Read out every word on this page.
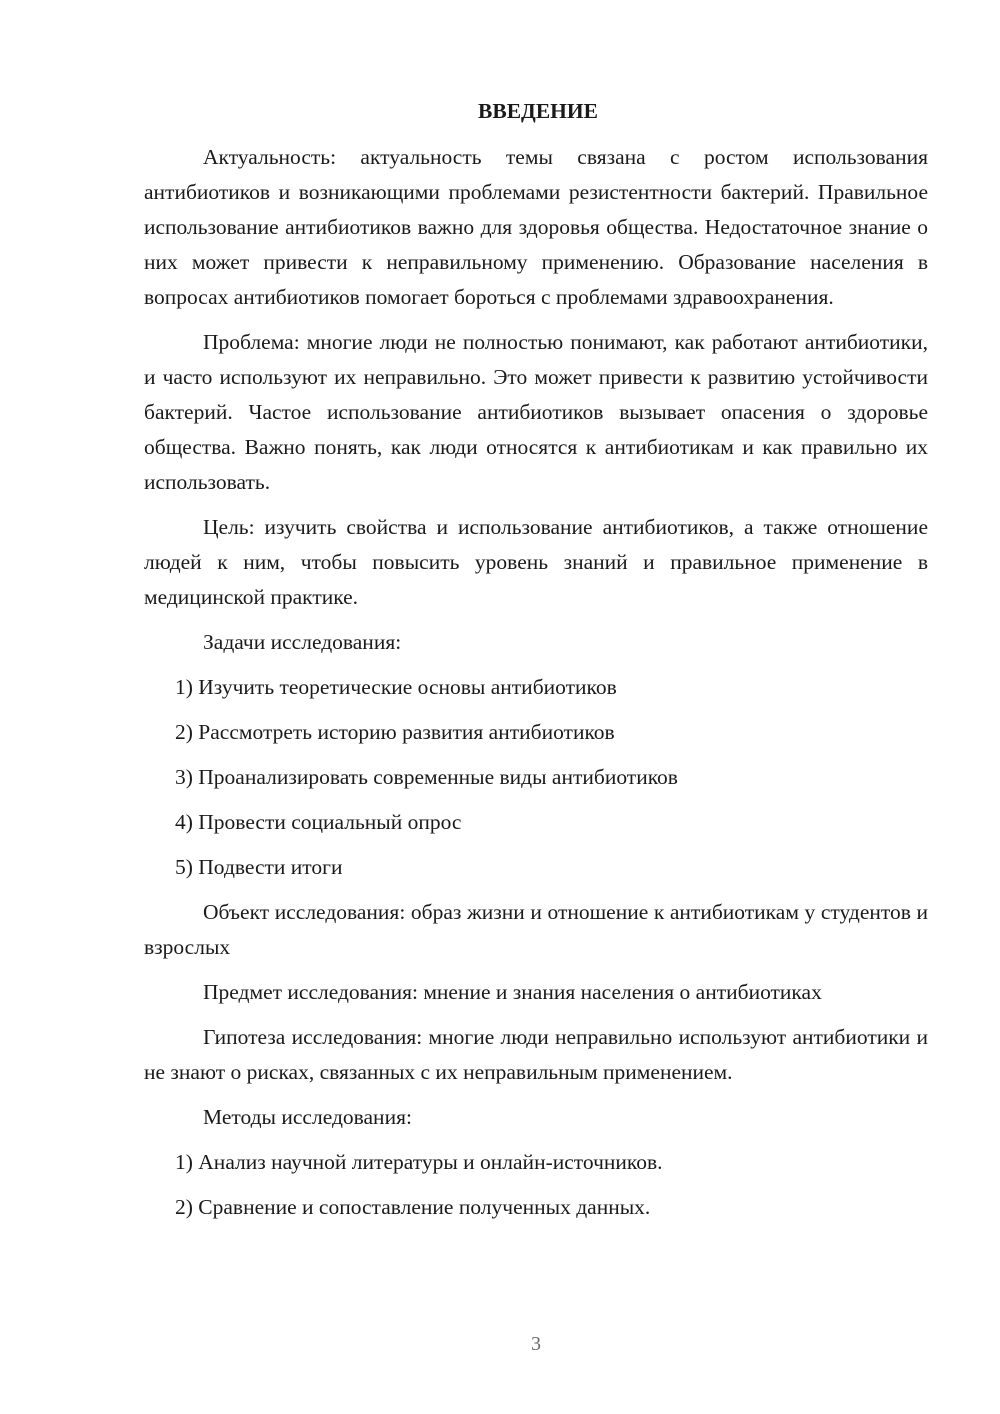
ВВЕДЕНИЕ

Актуальность: актуальность темы связана с ростом использования антибиотиков и возникающими проблемами резистентности бактерий. Правильное использование антибиотиков важно для здоровья общества. Недостаточное знание о них может привести к неправильному применению. Образование населения в вопросах антибиотиков помогает бороться с проблемами здравоохранения.

Проблема: многие люди не полностью понимают, как работают антибиотики, и часто используют их неправильно. Это может привести к развитию устойчивости бактерий. Частое использование антибиотиков вызывает опасения о здоровье общества. Важно понять, как люди относятся к антибиотикам и как правильно их использовать.

Цель: изучить свойства и использование антибиотиков, а также отношение людей к ним, чтобы повысить уровень знаний и правильное применение в медицинской практике.

Задачи исследования:

1) Изучить теоретические основы антибиотиков
2) Рассмотреть историю развития антибиотиков
3) Проанализировать современные виды антибиотиков
4) Провести социальный опрос
5) Подвести итоги

Объект исследования: образ жизни и отношение к антибиотикам у студентов и взрослых

Предмет исследования: мнение и знания населения о антибиотиках

Гипотеза исследования: многие люди неправильно используют антибиотики и не знают о рисках, связанных с их неправильным применением.

Методы исследования:

1) Анализ научной литературы и онлайн-источников.
2) Сравнение и сопоставление полученных данных.
3
